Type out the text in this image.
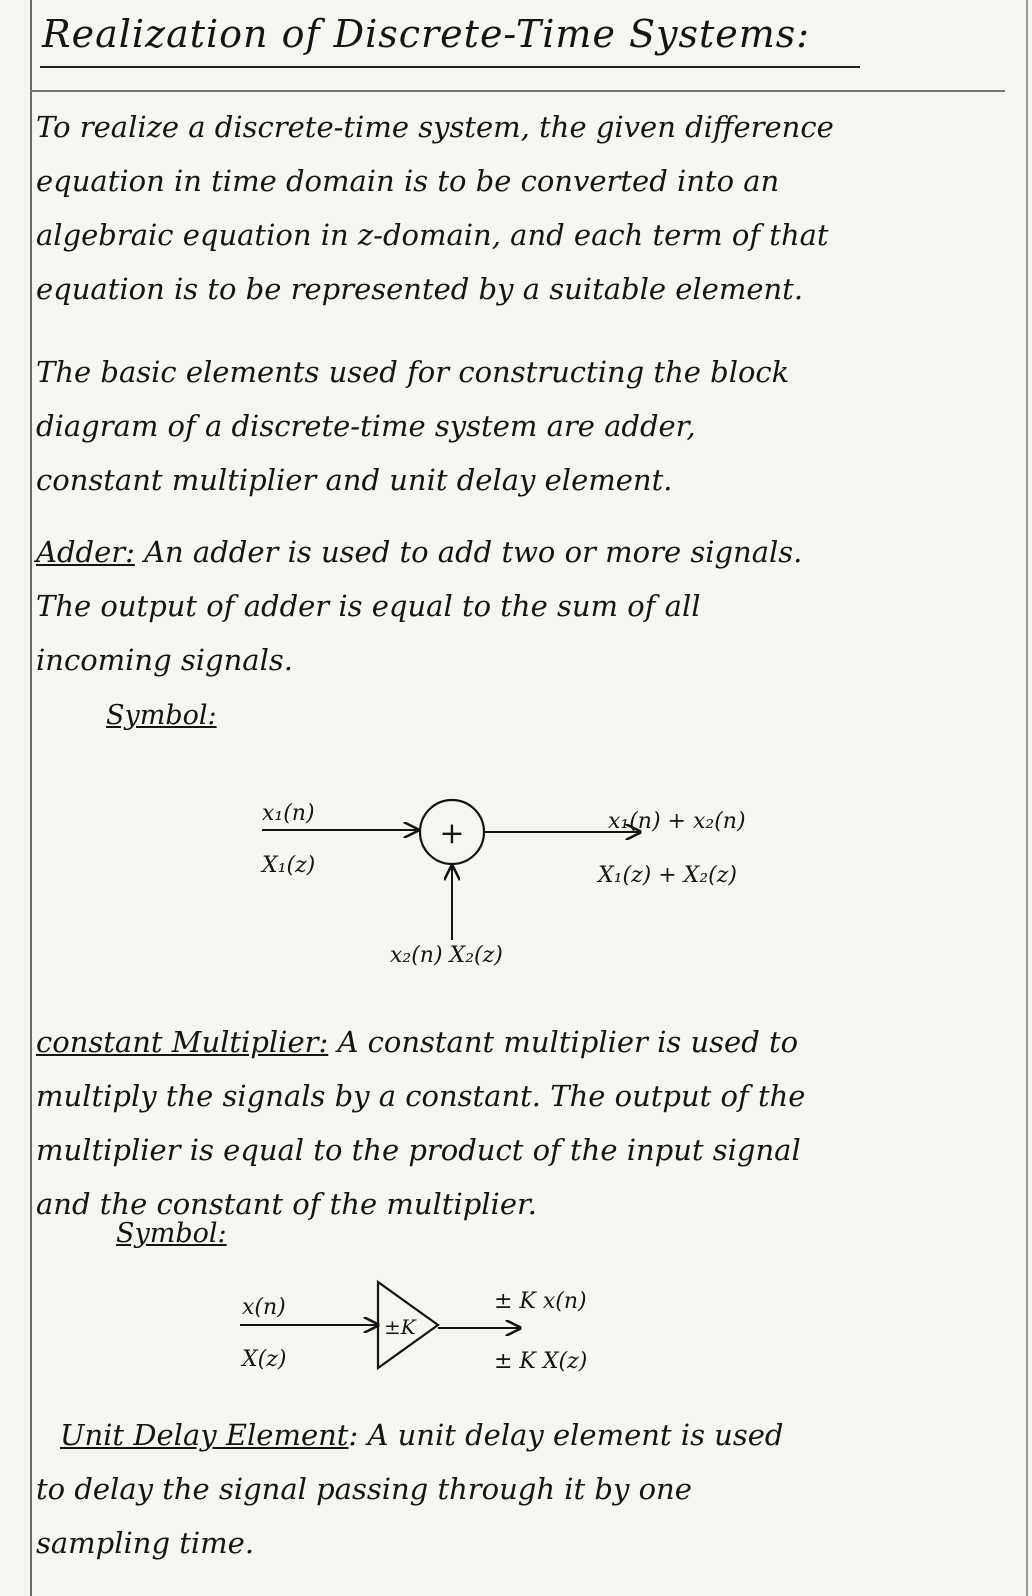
Realization of Discrete-Time Systems:
To realize a discrete-time system, the given difference
equation in time domain is to be converted into an
algebraic equation in z-domain, and each term of that
equation is to be represented by a suitable element.
The basic elements used for constructing the block
diagram of a discrete-time system are adder,
constant multiplier and unit delay element.
Adder: An adder is used to add two or more signals.
The output of adder is equal to the sum of all
incoming signals.
Symbol:
constant Multiplier: A constant multiplier is used to
multiply the signals by a constant. The output of the
multiplier is equal to the product of the input signal
and the constant of the multiplier.
Symbol:
Unit Delay Element: A unit delay element is used
to delay the signal passing through it by one
sampling time.
+
x₁(n)
X₁(z)
x₂(n) X₂(z)
x₁(n) + x₂(n)
X₁(z) + X₂(z)
±K
x(n)
X(z)
± K x(n)
± K X(z)
